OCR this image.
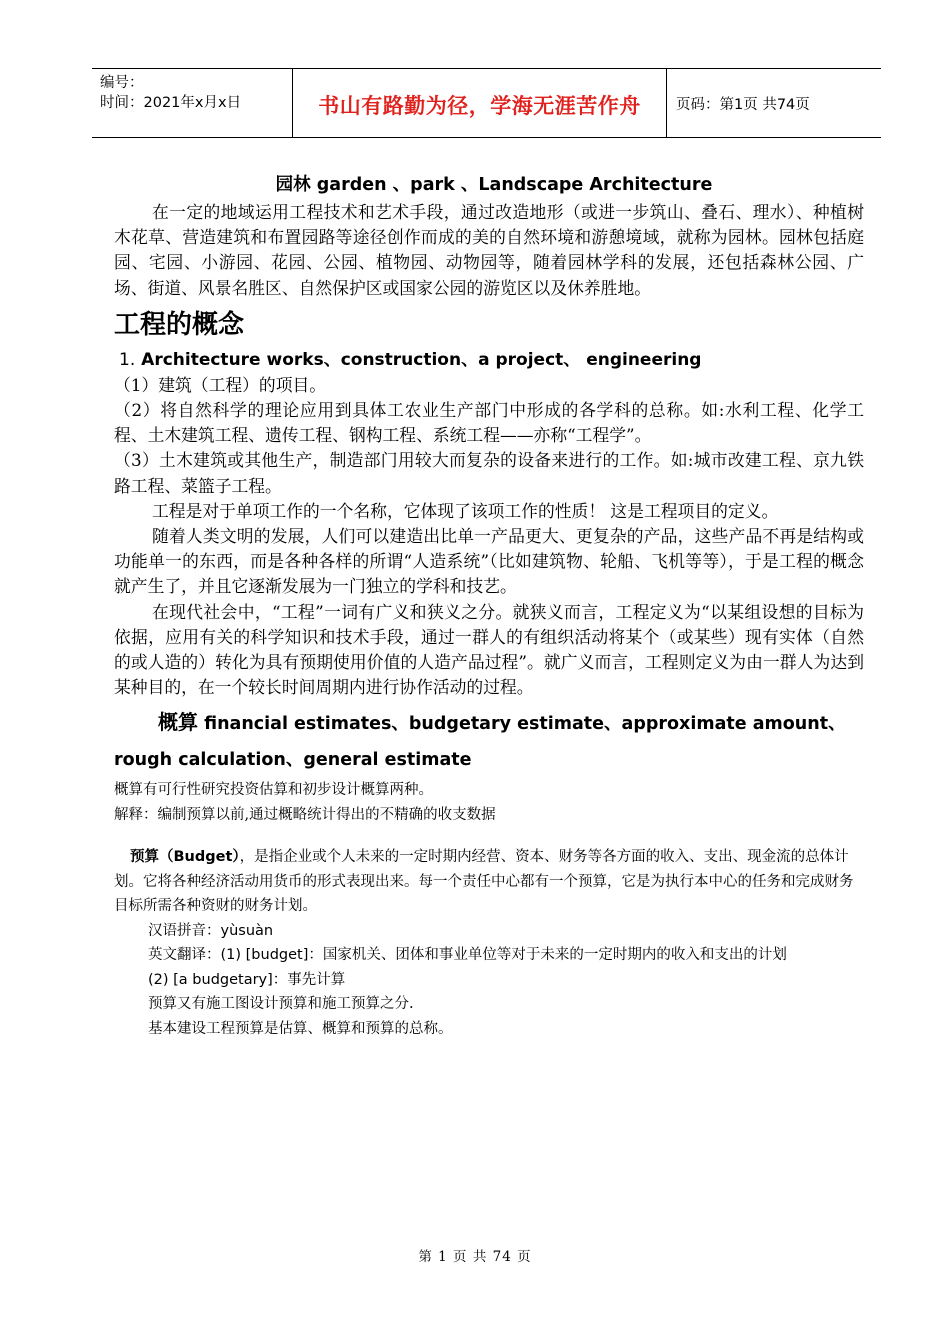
编号：
时间：2021年x月x日	书山有路勤为径，学海无涯苦作舟	页码：第1页 共74页
园林 garden 、park 、Landscape Architecture

在一定的地域运用工程技术和艺术手段，通过改造地形（或进一步筑山、叠石、理水）、种植树木花草、营造建筑和布置园路等途径创作而成的美的自然环境和游憩境域，就称为园林。园林包括庭园、宅园、小游园、花园、公园、植物园、动物园等，随着园林学科的发展，还包括森林公园、广场、街道、风景名胜区、自然保护区或国家公园的游览区以及休养胜地。

工程的概念
1. Architecture works、construction、a project、 engineering

（1）建筑（工程）的项目。

（2）将自然科学的理论应用到具体工农业生产部门中形成的各学科的总称。如:水利工程、化学工程、土木建筑工程、遗传工程、钢构工程、系统工程——亦称“工程学”。

（3）土木建筑或其他生产，制造部门用较大而复杂的设备来进行的工作。如:城市改建工程、京九铁路工程、菜篮子工程。

工程是对于单项工作的一个名称，它体现了该项工作的性质！ 这是工程项目的定义。

随着人类文明的发展，人们可以建造出比单一产品更大、更复杂的产品，这些产品不再是结构或功能单一的东西，而是各种各样的所谓“人造系统”（比如建筑物、轮船、飞机等等），于是工程的概念就产生了，并且它逐渐发展为一门独立的学科和技艺。

在现代社会中，“工程”一词有广义和狭义之分。就狭义而言，工程定义为“以某组设想的目标为依据，应用有关的科学知识和技术手段，通过一群人的有组织活动将某个（或某些）现有实体（自然的或人造的）转化为具有预期使用价值的人造产品过程”。就广义而言，工程则定义为由一群人为达到某种目的，在一个较长时间周期内进行协作活动的过程。

概算 financial estimates、budgetary estimate、approximate amount、rough calculation、general estimate

概算有可行性研究投资估算和初步设计概算两种。

解释：编制预算以前,通过概略统计得出的不精确的收支数据

预算（Budget），是指企业或个人未来的一定时期内经营、资本、财务等各方面的收入、支出、现金流的总体计划。它将各种经济活动用货币的形式表现出来。每一个责任中心都有一个预算，它是为执行本中心的任务和完成财务目标所需各种资财的财务计划。

汉语拼音：yùsuàn

英文翻译：(1) [budget]：国家机关、团体和事业单位等对于未来的一定时期内的收入和支出的计划

(2) [a budgetary]：事先计算

预算又有施工图设计预算和施工预算之分.

基本建设工程预算是估算、概算和预算的总称。

第 1 页 共 74 页
